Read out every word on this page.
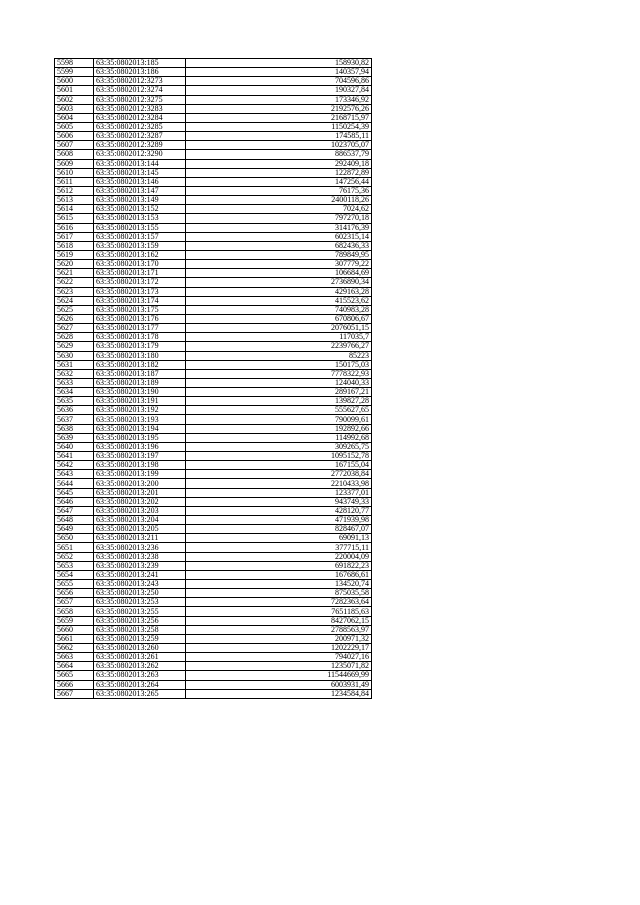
5598	63:35:0802013:185	158930,82
5599	63:35:0802013:186	140357,94
5600	63:35:0802012:3273	704596,86
5601	63:35:0802012:3274	190327,84
5602	63:35:0802012:3275	173346,92
5603	63:35:0802012:3283	2192576,26
5604	63:35:0802012:3284	2168715,97
5605	63:35:0802012:3285	1150254,39
5606	63:35:0802012:3287	174585,11
5607	63:35:0802012:3289	1023705,07
5608	63:35:0802012:3290	886537,79
5609	63:35:0802013:144	292409,18
5610	63:35:0802013:145	122872,89
5611	63:35:0802013:146	147256,44
5612	63:35:0802013:147	76175,36
5613	63:35:0802013:149	2400118,26
5614	63:35:0802013:152	7024,62
5615	63:35:0802013:153	797270,18
5616	63:35:0802013:155	314176,39
5617	63:35:0802013:157	602315,14
5618	63:35:0802013:159	682436,33
5619	63:35:0802013:162	789849,95
5620	63:35:0802013:170	307779,22
5621	63:35:0802013:171	106684,69
5622	63:35:0802013:172	2736890,34
5623	63:35:0802013:173	429163,28
5624	63:35:0802013:174	415523,62
5625	63:35:0802013:175	740983,28
5626	63:35:0802013:176	670806,67
5627	63:35:0802013:177	2076051,15
5628	63:35:0802013:178	117035,7
5629	63:35:0802013:179	2239766,27
5630	63:35:0802013:180	85223
5631	63:35:0802013:182	150175,03
5632	63:35:0802013:187	7778322,93
5633	63:35:0802013:189	124040,33
5634	63:35:0802013:190	289167,21
5635	63:35:0802013:191	139827,28
5636	63:35:0802013:192	555627,65
5637	63:35:0802013:193	790099,61
5638	63:35:0802013:194	192892,66
5639	63:35:0802013:195	114992,68
5640	63:35:0802013:196	309265,75
5641	63:35:0802013:197	1095152,78
5642	63:35:0802013:198	167155,04
5643	63:35:0802013:199	2772038,84
5644	63:35:0802013:200	2210433,98
5645	63:35:0802013:201	123377,01
5646	63:35:0802013:202	943749,33
5647	63:35:0802013:203	428120,77
5648	63:35:0802013:204	471939,98
5649	63:35:0802013:205	828467,07
5650	63:35:0802013:211	69091,13
5651	63:35:0802013:236	377715,11
5652	63:35:0802013:238	220004,09
5653	63:35:0802013:239	691822,23
5654	63:35:0802013:241	167686,61
5655	63:35:0802013:243	134520,74
5656	63:35:0802013:250	875035,58
5657	63:35:0802013:253	7282363,64
5658	63:35:0802013:255	7651185,63
5659	63:35:0802013:256	8427062,15
5660	63:35:0802013:258	2788563,97
5661	63:35:0802013:259	200971,32
5662	63:35:0802013:260	1202229,17
5663	63:35:0802013:261	794027,16
5664	63:35:0802013:262	1235071,82
5665	63:35:0802013:263	11544669,99
5666	63:35:0802013:264	6003931,49
5667	63:35:0802013:265	1234584,84
